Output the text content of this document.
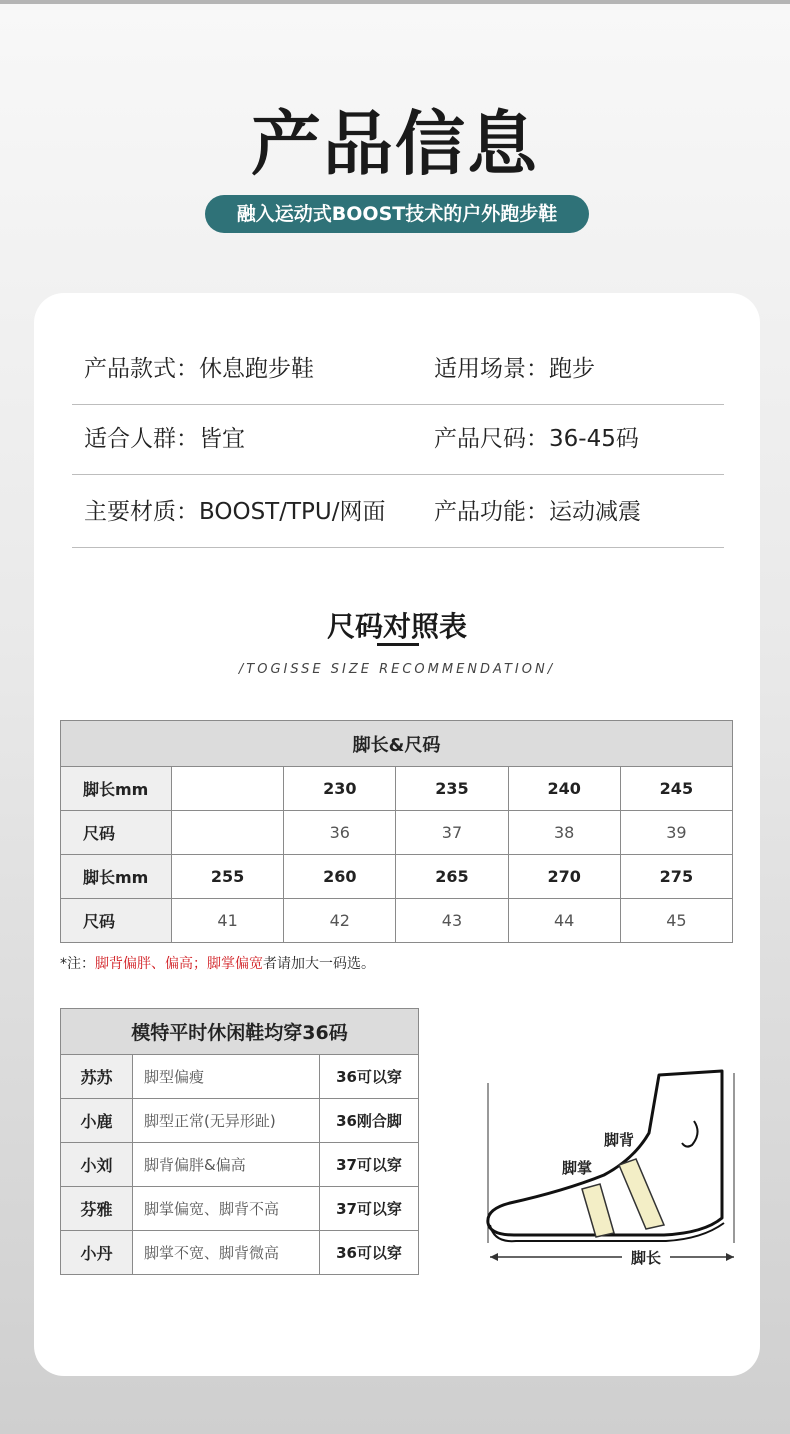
产品信息
融入运动式BOOST技术的户外跑步鞋
产品款式：休息跑步鞋	适用场景：跑步
适合人群：皆宜	产品尺码：36-45码
主要材质：BOOST/TPU/网面 产品功能：运动减震
尺码对照表
/TOGISSE SIZE RECOMMENDATION/
脚长&尺码					
脚长mm		230	235	240	245
尺码		36	37	38	39
脚长mm	255	260	265	270	275
尺码	41	42	43	44	45
*注：脚背偏胖、偏高；脚掌偏宽者请加大一码选。
模特平时休闲鞋均穿36码		
苏苏	脚型偏瘦	36可以穿
小鹿	脚型正常(无异形趾)	36刚合脚
小刘	脚背偏胖&偏高	37可以穿
芬雅	脚掌偏宽、脚背不高	37可以穿
小丹	脚掌不宽、脚背微高	36可以穿	脚长
脚背
脚掌
